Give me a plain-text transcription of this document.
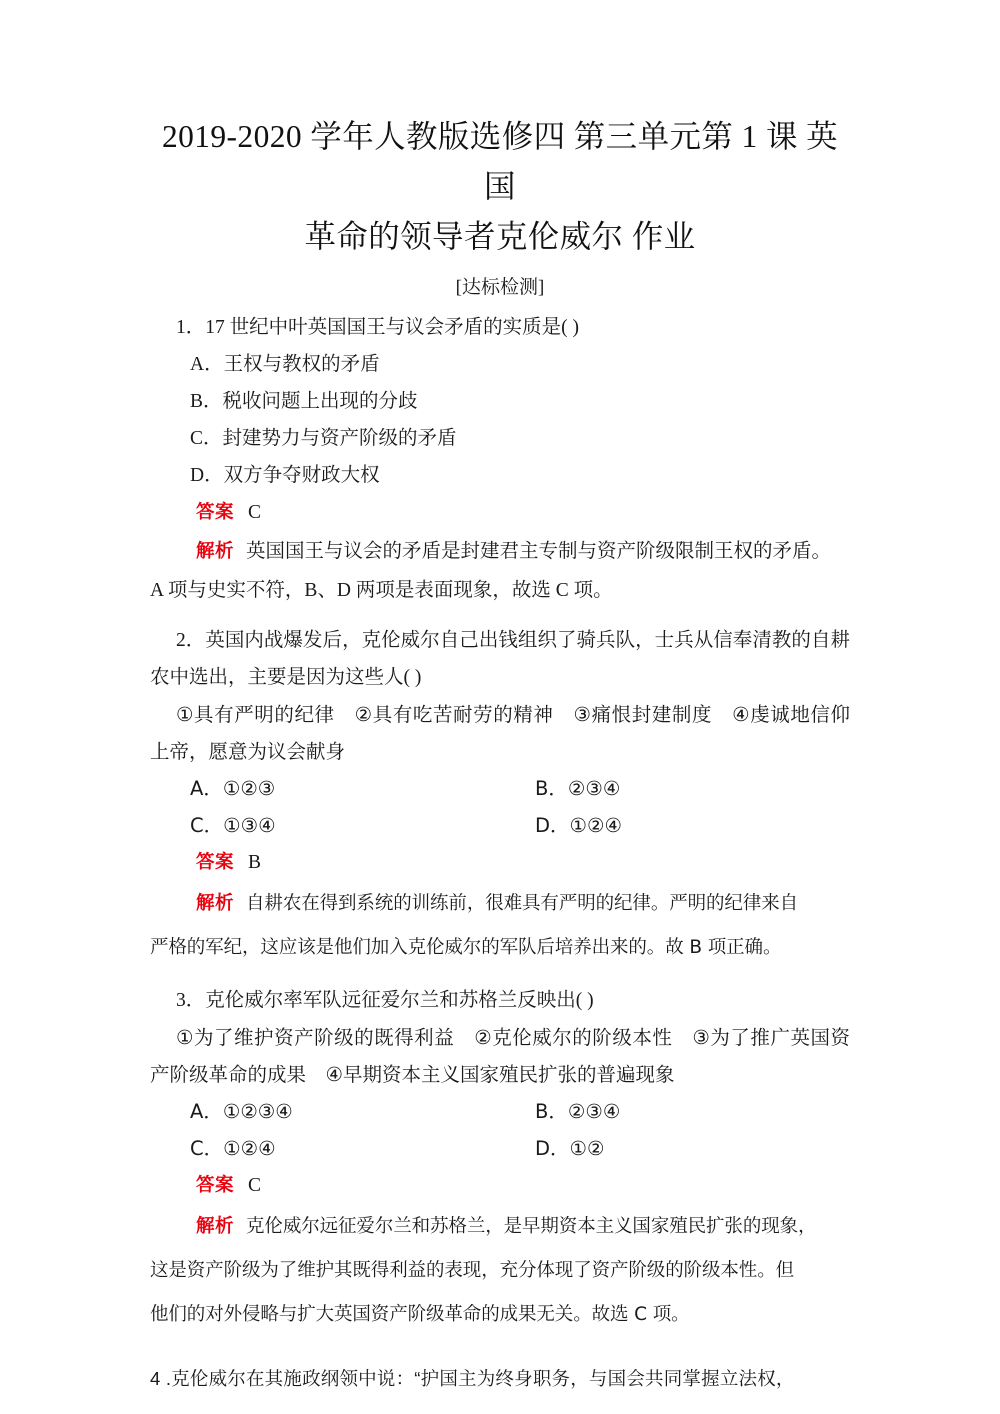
2019-2020 学年人教版选修四 第三单元第 1 课 英国
革命的领导者克伦威尔 作业
[达标检测]

1．17 世纪中叶英国国王与议会矛盾的实质是( )

A．王权与教权的矛盾

B．税收问题上出现的分歧

C．封建势力与资产阶级的矛盾

D．双方争夺财政大权

答案 C

解析 英国国王与议会的矛盾是封建君主专制与资产阶级限制王权的矛盾。

A 项与史实不符，B、D 两项是表面现象，故选 C 项。

2．英国内战爆发后，克伦威尔自己出钱组织了骑兵队，士兵从信奉清教的自耕农中选出，主要是因为这些人( )

①具有严明的纪律　②具有吃苦耐劳的精神　③痛恨封建制度　④虔诚地信仰上帝，愿意为议会献身

A．①②③	B．②③④
C．①③④	D．①②④

答案 B

解析 自耕农在得到系统的训练前，很难具有严明的纪律。严明的纪律来自

严格的军纪，这应该是他们加入克伦威尔的军队后培养出来的。故 B 项正确。

3．克伦威尔率军队远征爱尔兰和苏格兰反映出( )

①为了维护资产阶级的既得利益　②克伦威尔的阶级本性　③为了推广英国资产阶级革命的成果　④早期资本主义国家殖民扩张的普遍现象

A．①②③④	B．②③④
C．①②④	D．①②

答案 C

解析 克伦威尔远征爱尔兰和苏格兰，是早期资本主义国家殖民扩张的现象，

这是资产阶级为了维护其既得利益的表现，充分体现了资产阶级的阶级本性。但

他们的对外侵略与扩大英国资产阶级革命的成果无关。故选 C 项。

4 .克伦威尔在其施政纲领中说：“护国主为终身职务，与国会共同掌握立法权，
